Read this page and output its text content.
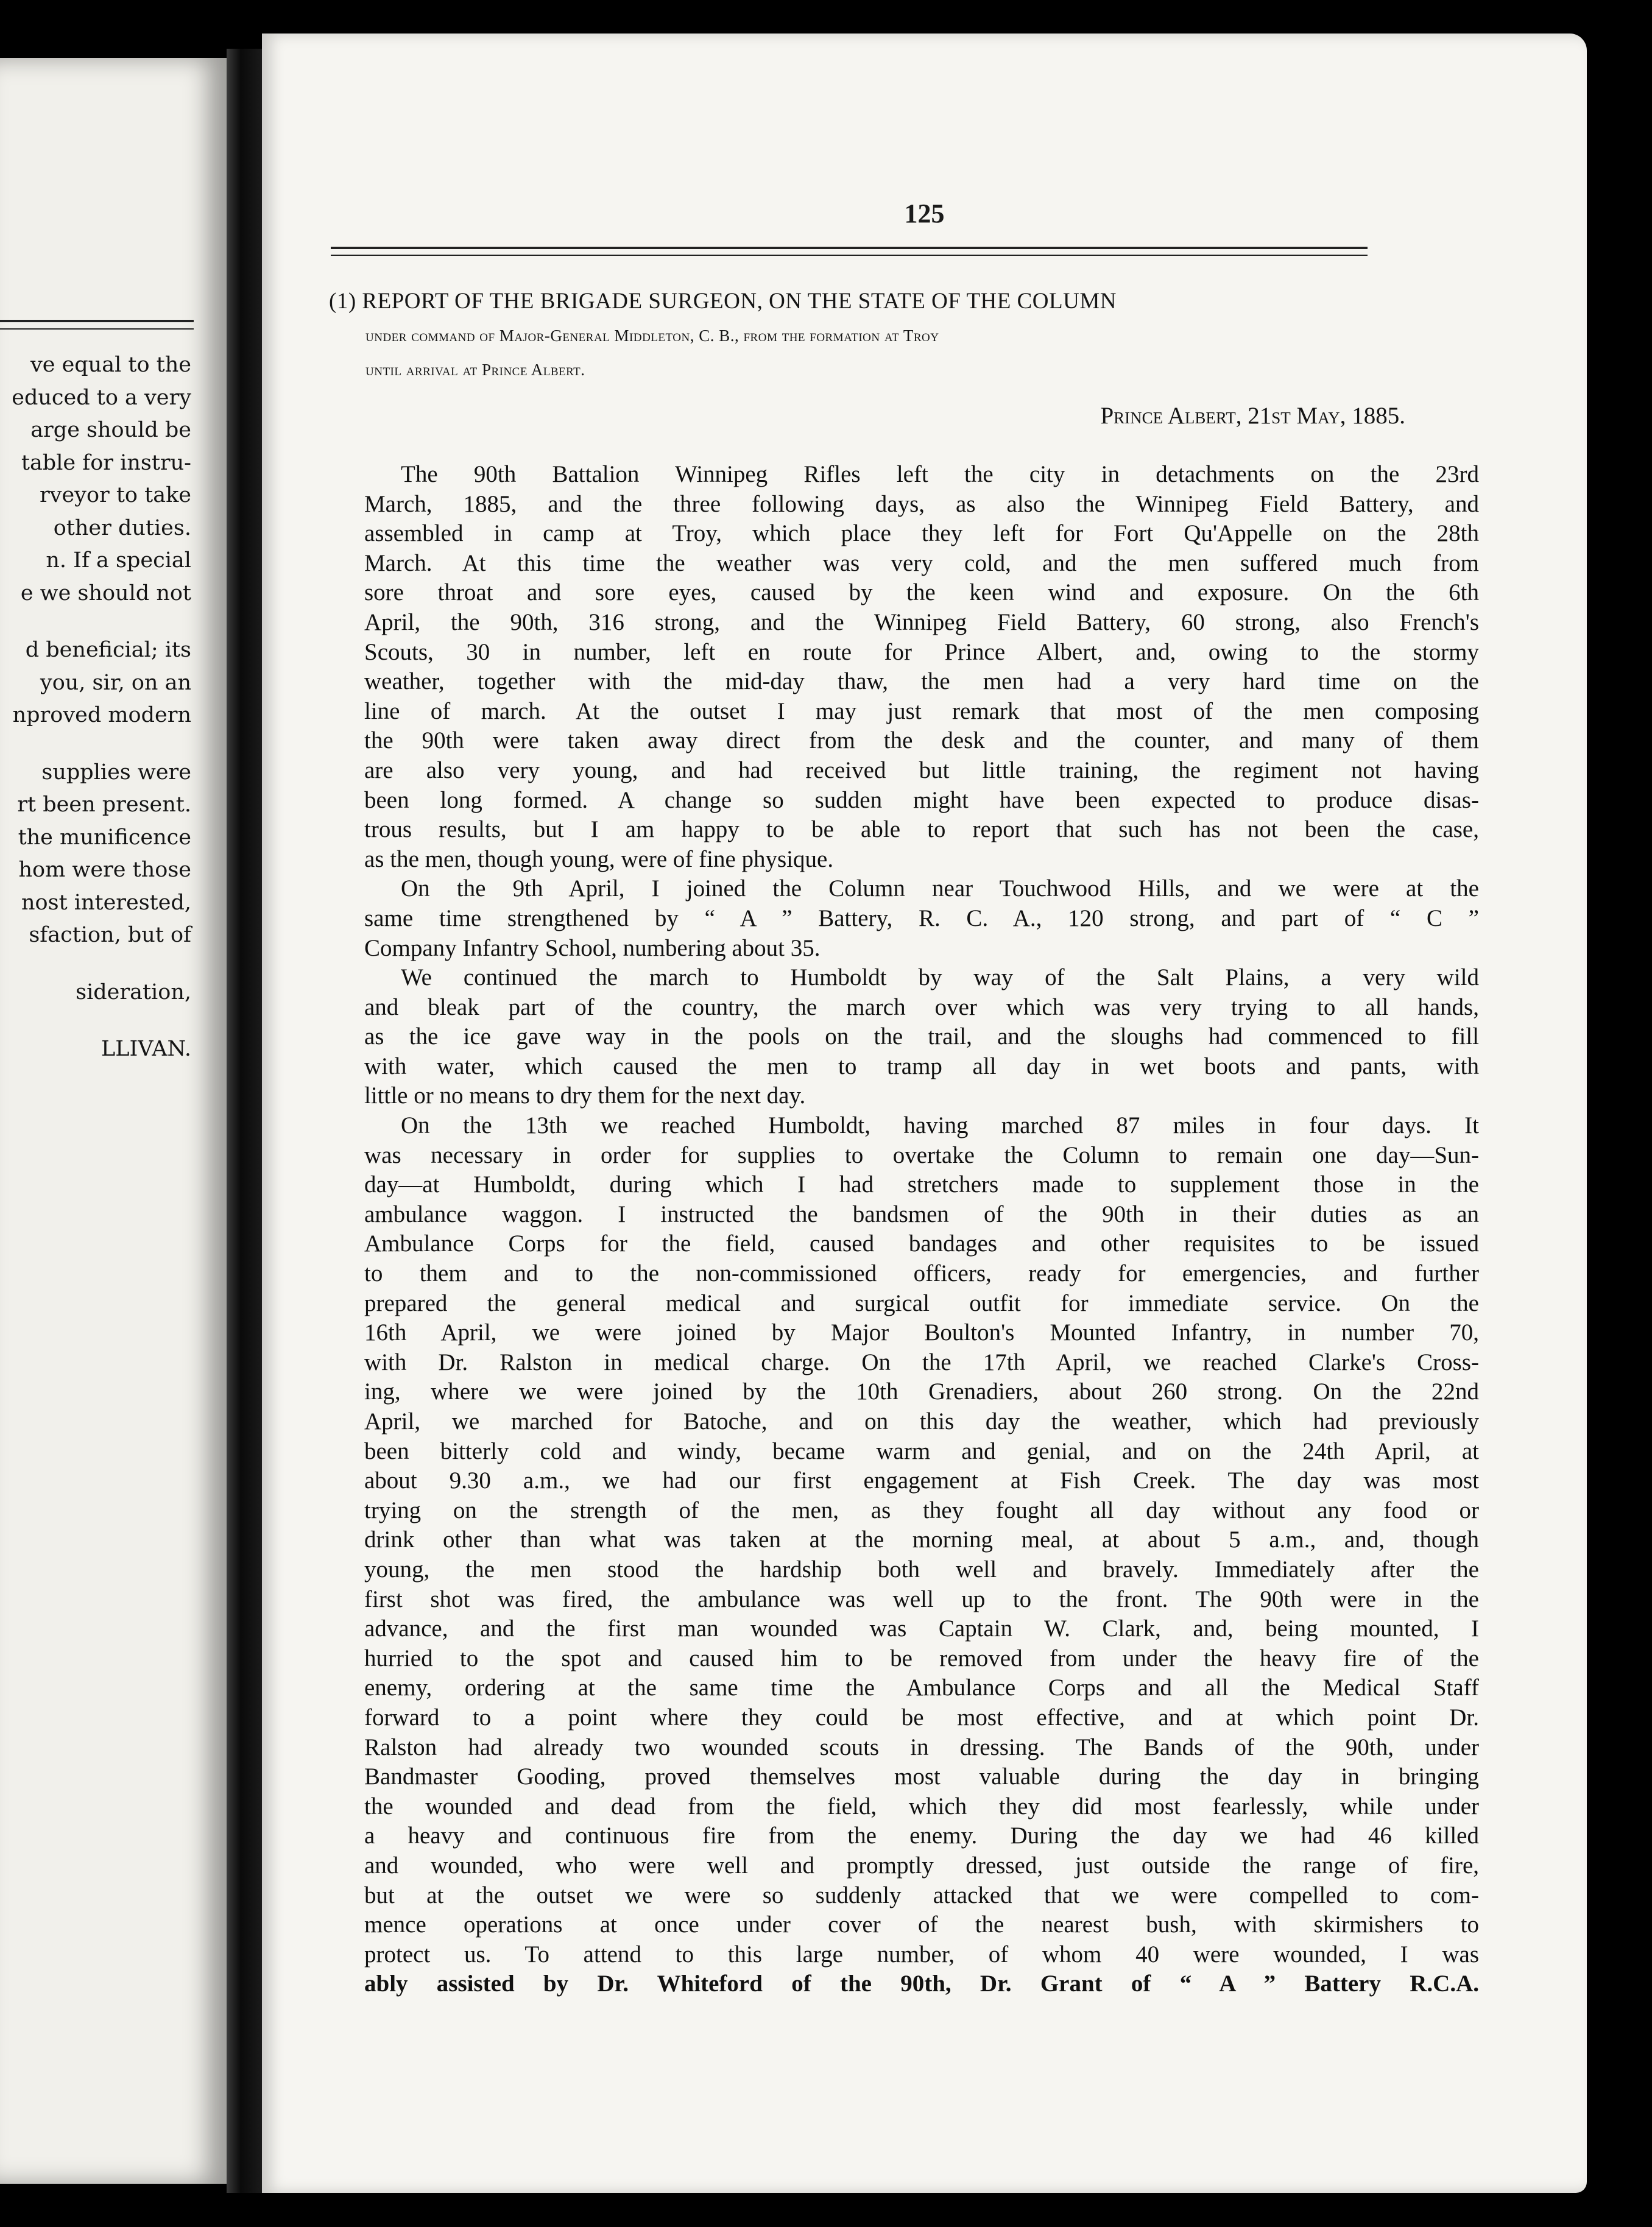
ve equal to the
educed to a very
arge should be
table for instru-
rveyor to take
other duties.
n. If a special
e we should not
d beneficial; its
you, sir, on an
nproved modern
supplies were
rt been present.
the munificence
hom were those
nost interested,
sfaction, but of
sideration,
LLIVAN.
125
(1) REPORT OF THE BRIGADE SURGEON, ON THE STATE OF THE COLUMN
under command of Major-General Middleton, C. B., from the formation at Troy
until arrival at Prince Albert.
Prince Albert, 21st May, 1885.
The 90th Battalion Winnipeg Rifles left the city in detachments on the 23rd
March, 1885, and the three following days, as also the Winnipeg Field Battery, and
assembled in camp at Troy, which place they left for Fort Qu'Appelle on the 28th
March. At this time the weather was very cold, and the men suffered much from
sore throat and sore eyes, caused by the keen wind and exposure. On the 6th
April, the 90th, 316 strong, and the Winnipeg Field Battery, 60 strong, also French's
Scouts, 30 in number, left en route for Prince Albert, and, owing to the stormy
weather, together with the mid-day thaw, the men had a very hard time on the
line of march. At the outset I may just remark that most of the men composing
the 90th were taken away direct from the desk and the counter, and many of them
are also very young, and had received but little training, the regiment not having
been long formed. A change so sudden might have been expected to produce disas-
trous results, but I am happy to be able to report that such has not been the case,
as the men, though young, were of fine physique.
On the 9th April, I joined the Column near Touchwood Hills, and we were at the
same time strengthened by “ A ” Battery, R. C. A., 120 strong, and part of “ C ”
Company Infantry School, numbering about 35.
We continued the march to Humboldt by way of the Salt Plains, a very wild
and bleak part of the country, the march over which was very trying to all hands,
as the ice gave way in the pools on the trail, and the sloughs had commenced to fill
with water, which caused the men to tramp all day in wet boots and pants, with
little or no means to dry them for the next day.
On the 13th we reached Humboldt, having marched 87 miles in four days. It
was necessary in order for supplies to overtake the Column to remain one day—Sun-
day—at Humboldt, during which I had stretchers made to supplement those in the
ambulance waggon. I instructed the bandsmen of the 90th in their duties as an
Ambulance Corps for the field, caused bandages and other requisites to be issued
to them and to the non-commissioned officers, ready for emergencies, and further
prepared the general medical and surgical outfit for immediate service. On the
16th April, we were joined by Major Boulton's Mounted Infantry, in number 70,
with Dr. Ralston in medical charge. On the 17th April, we reached Clarke's Cross-
ing, where we were joined by the 10th Grenadiers, about 260 strong. On the 22nd
April, we marched for Batoche, and on this day the weather, which had previously
been bitterly cold and windy, became warm and genial, and on the 24th April, at
about 9.30 a.m., we had our first engagement at Fish Creek. The day was most
trying on the strength of the men, as they fought all day without any food or
drink other than what was taken at the morning meal, at about 5 a.m., and, though
young, the men stood the hardship both well and bravely. Immediately after the
first shot was fired, the ambulance was well up to the front. The 90th were in the
advance, and the first man wounded was Captain W. Clark, and, being mounted, I
hurried to the spot and caused him to be removed from under the heavy fire of the
enemy, ordering at the same time the Ambulance Corps and all the Medical Staff
forward to a point where they could be most effective, and at which point Dr.
Ralston had already two wounded scouts in dressing. The Bands of the 90th, under
Bandmaster Gooding, proved themselves most valuable during the day in bringing
the wounded and dead from the field, which they did most fearlessly, while under
a heavy and continuous fire from the enemy. During the day we had 46 killed
and wounded, who were well and promptly dressed, just outside the range of fire,
but at the outset we were so suddenly attacked that we were compelled to com-
mence operations at once under cover of the nearest bush, with skirmishers to
protect us. To attend to this large number, of whom 40 were wounded, I was
ably assisted by Dr. Whiteford of the 90th, Dr. Grant of “ A ” Battery R.C.A.
